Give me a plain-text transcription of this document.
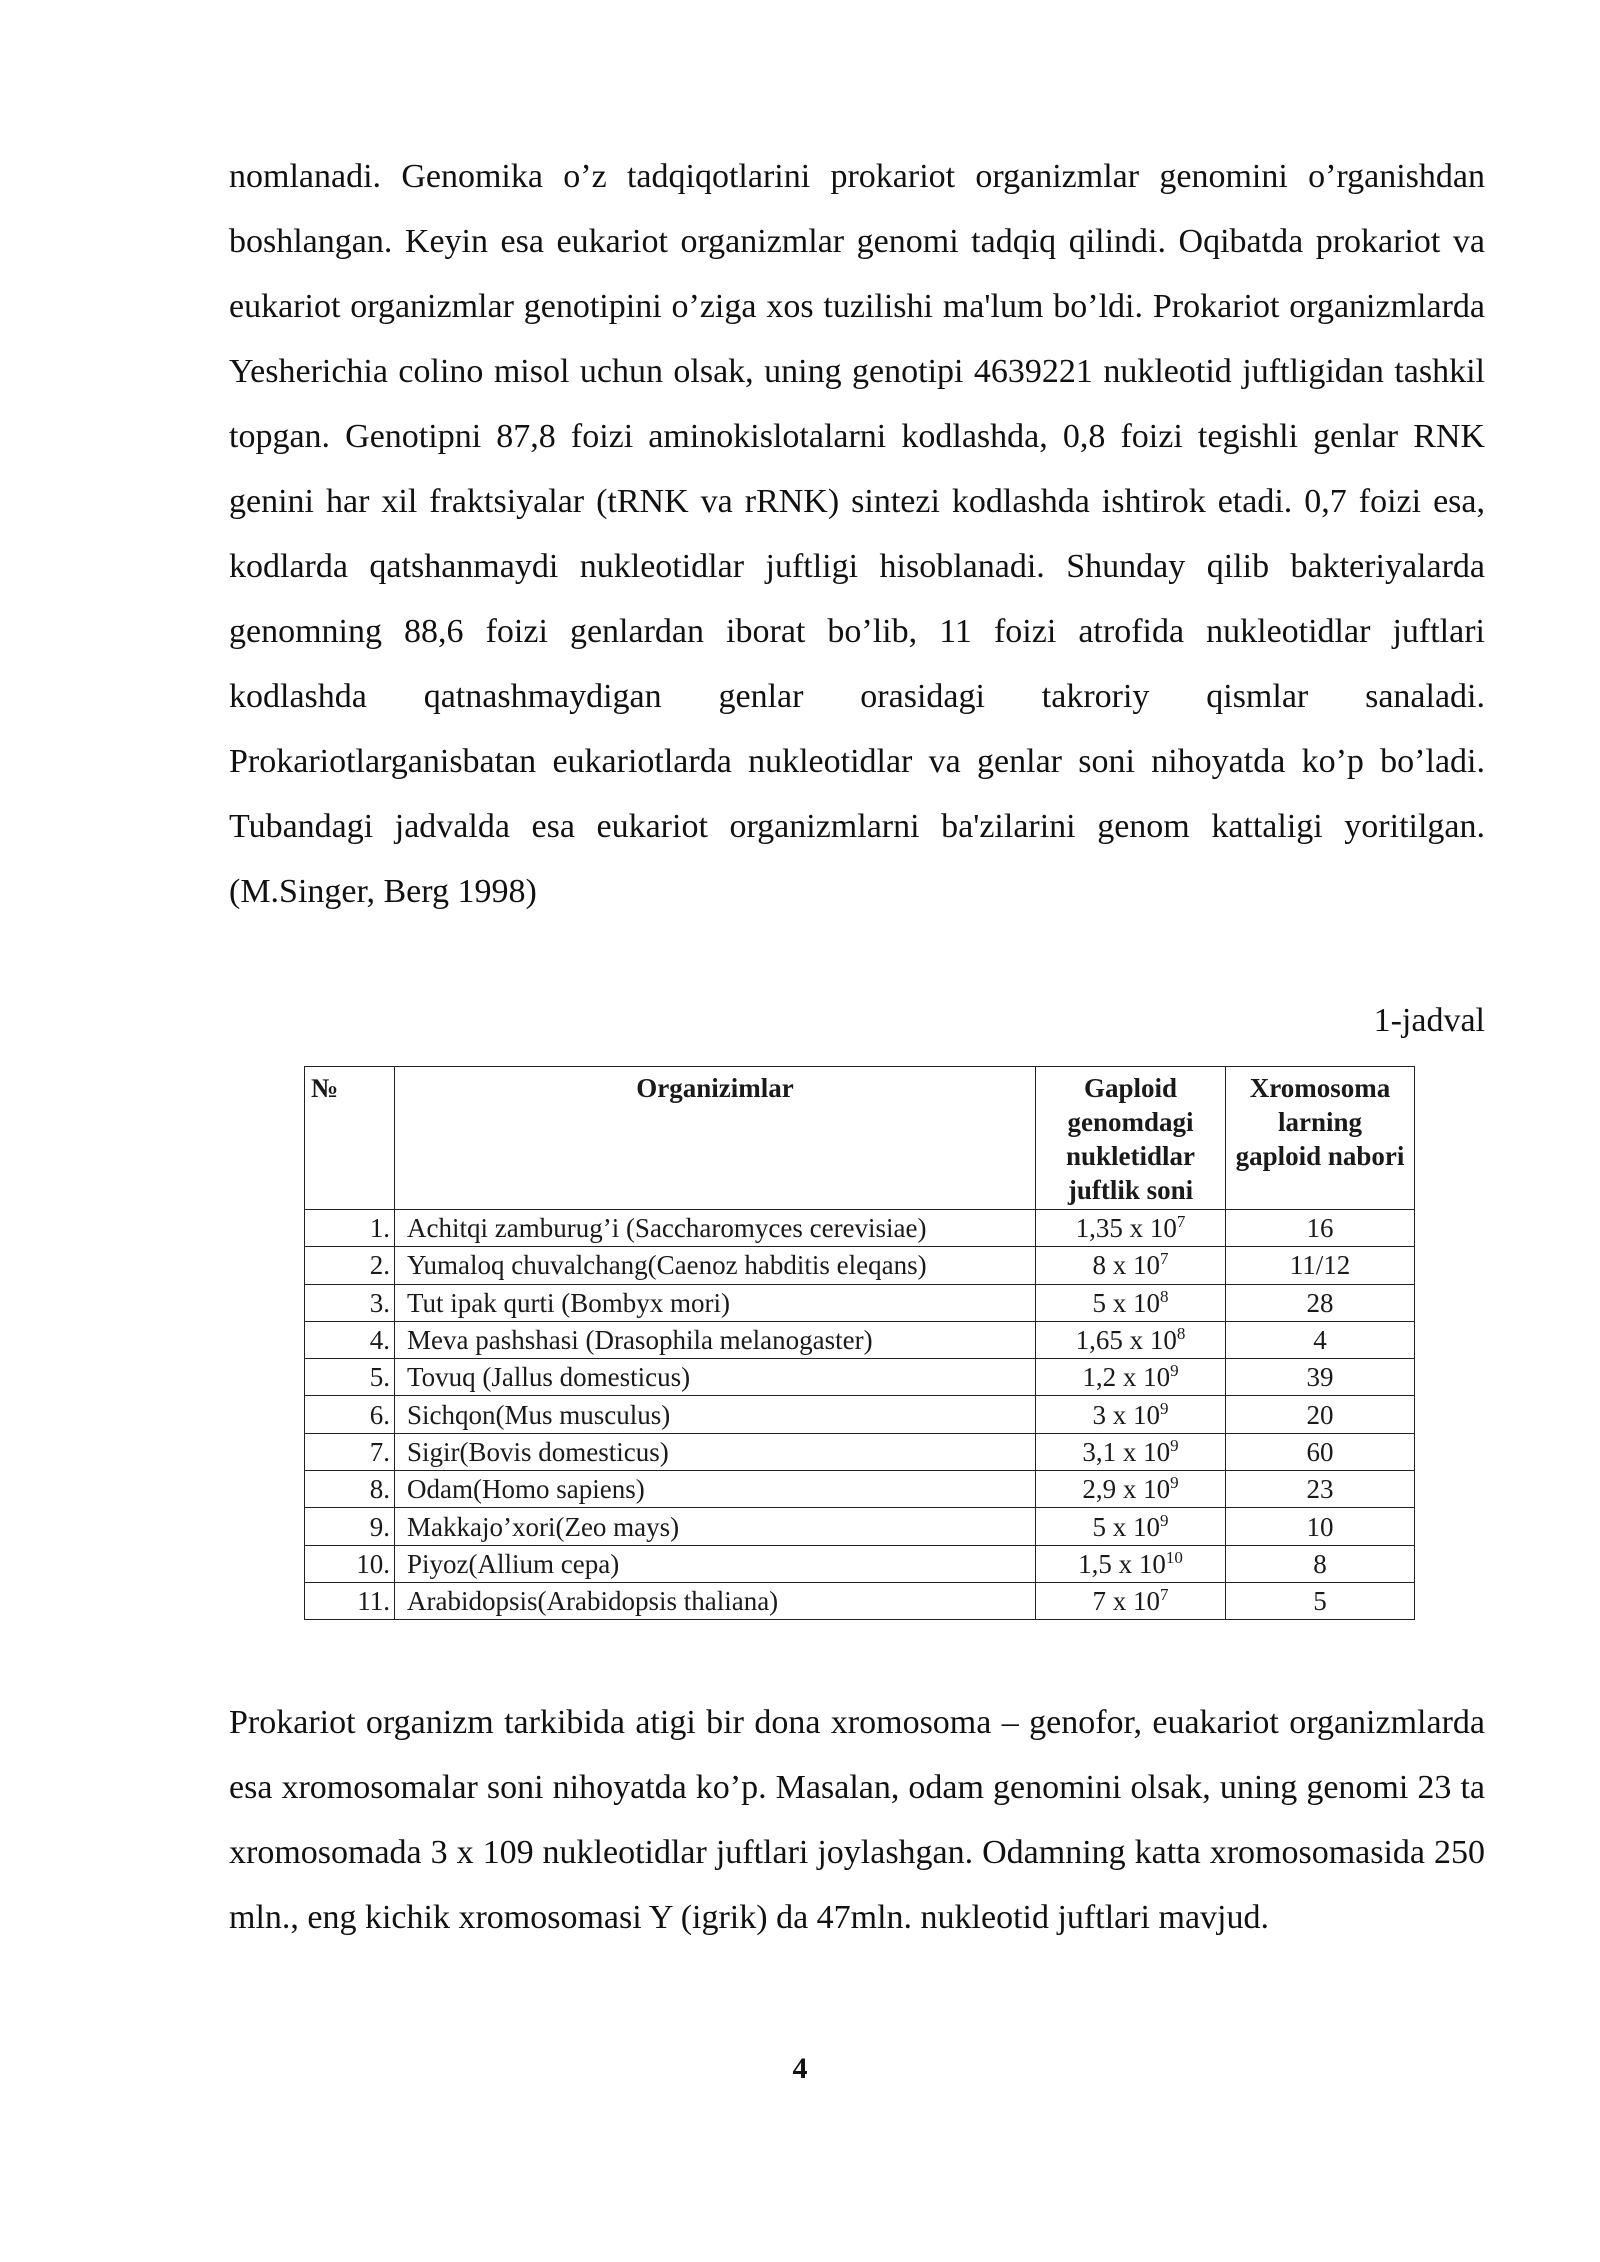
nomlanadi. Genomika o’z tadqiqotlarini prokariot organizmlar genomini o’rganishdan boshlangan. Keyin esa eukariot organizmlar genomi tadqiq qilindi. Oqibatda prokariot va eukariot organizmlar genotipini o’ziga xos tuzilishi ma'lum bo’ldi. Prokariot organizmlarda Yesherichia colino misol uchun olsak, uning genotipi 4639221 nukleotid juftligidan tashkil topgan. Genotipni 87,8 foizi aminokislotalarni kodlashda, 0,8 foizi tegishli genlar RNK genini har xil fraktsiyalar (tRNK va rRNK) sintezi kodlashda ishtirok etadi. 0,7 foizi esa, kodlarda qatshanmaydi nukleotidlar juftligi hisoblanadi. Shunday qilib bakteriyalarda genomning 88,6 foizi genlardan iborat bo’lib, 11 foizi atrofida nukleotidlar juftlari kodlashda qatnashmaydigan genlar orasidagi takroriy qismlar sanaladi. Prokariotlarganisbatan eukariotlarda nukleotidlar va genlar soni nihoyatda ko’p bo’ladi. Tubandagi jadvalda esa eukariot organizmlarni ba'zilarini genom kattaligi yoritilgan. (M.Singer, Berg 1998)

1-jadval
№	Organizimlar	Gaploid genomdagi nukletidlar juftlik soni	Xromosoma larning gaploid nabori
1.	Achitqi zamburug’i (Saccharomyces cerevisiae)	1,35 x $10^7$	16
2.	Yumaloq chuvalchang(Caenoz habditis eleqans)	8 x $10^7$	11/12
3.	Tut ipak qurti (Bombyx mori)	5 x $10^8$	28
4.	Meva pashshasi (Drasophila melanogaster)	1,65 x $10^8$	4
5.	Tovuq (Jallus domesticus)	1,2 x $10^9$	39
6.	Sichqon(Mus musculus)	3 x $10^9$	20
7.	Sigir(Bovis domesticus)	3,1 x $10^9$	60
8.	Odam(Homo sapiens)	2,9 x $10^9$	23
9.	Makkajo’xori(Zeo mays)	5 x $10^9$	10
10.	Piyoz(Allium cepa)	1,5 x $10^{10}$	8
11.	Arabidopsis(Arabidopsis thaliana)	7 x $10^7$	5

Prokariot organizm tarkibida atigi bir dona xromosoma – genofor, euakariot organizmlarda esa xromosomalar soni nihoyatda ko’p. Masalan, odam genomini olsak, uning genomi 23 ta xromosomada 3 x 109 nukleotidlar juftlari joylashgan. Odamning katta xromosomasida 250 mln., eng kichik xromosomasi Y (igrik) da 47mln. nukleotid juftlari mavjud.

4
